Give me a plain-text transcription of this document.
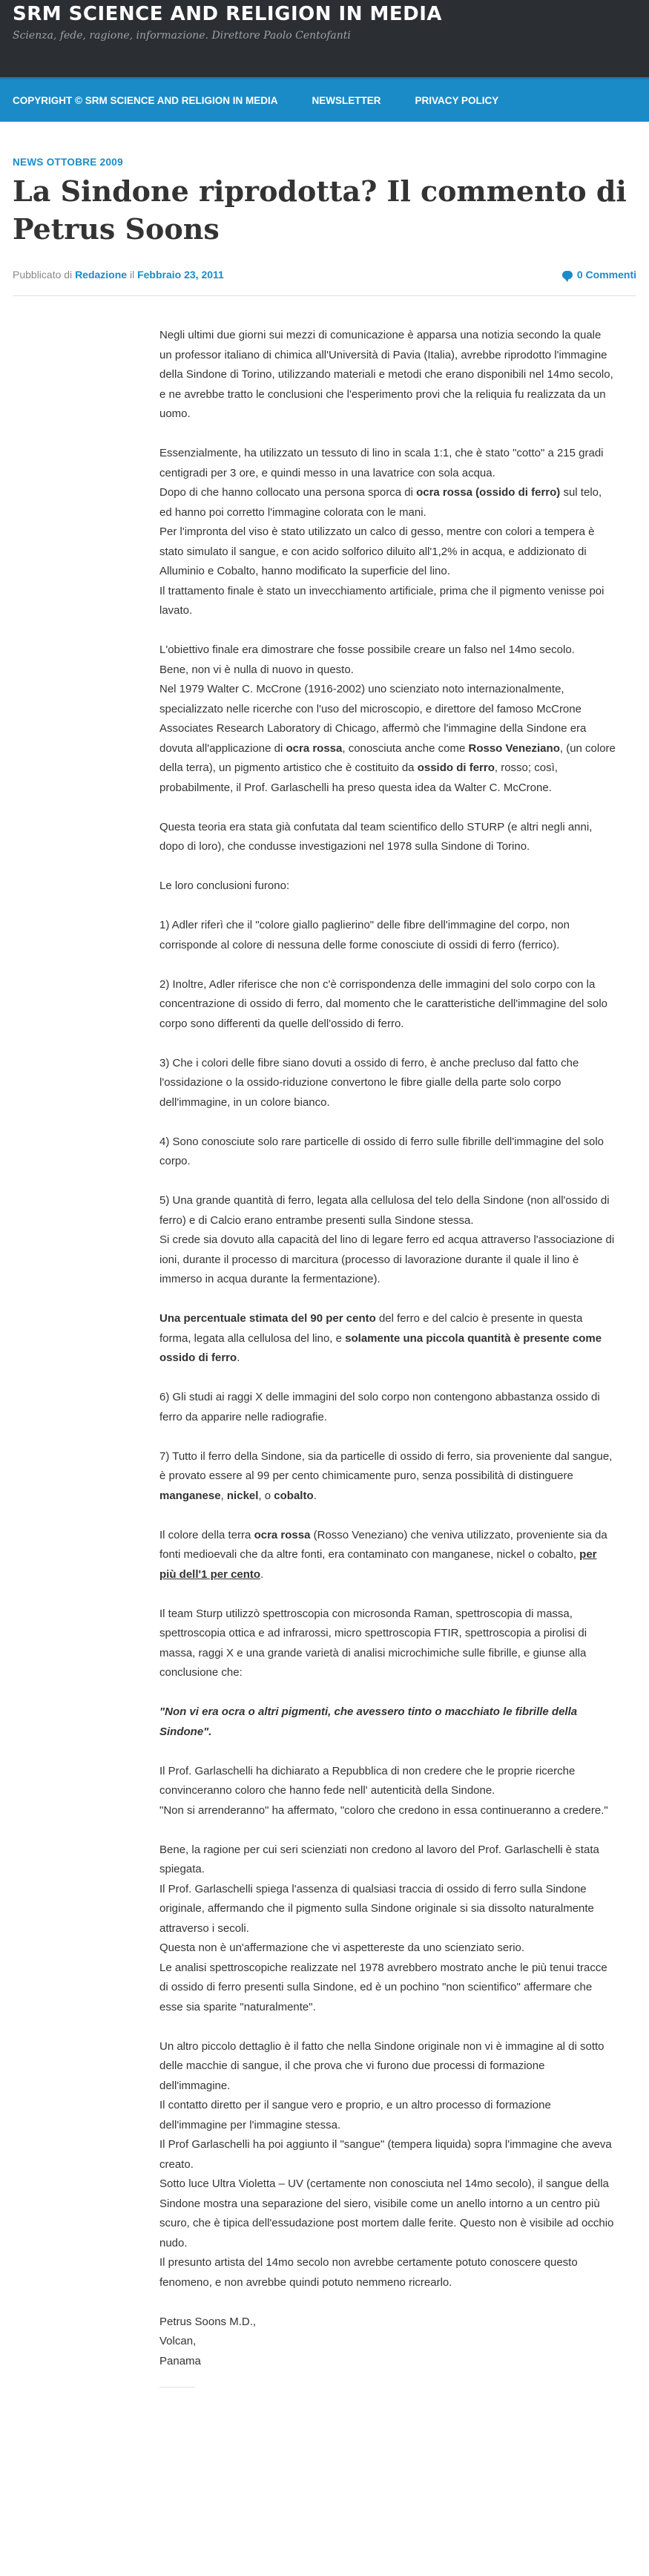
SRM SCIENCE AND RELIGION IN MEDIA
Scienza, fede, ragione, informazione. Direttore Paolo Centofanti
COPYRIGHT © SRM SCIENCE AND RELIGION IN MEDIA	NEWSLETTER	PRIVACY POLICY
NEWS OTTOBRE 2009
La Sindone riprodotta? Il commento di Petrus Soons
Pubblicato di Redazione il Febbraio 23, 2011	0 Commenti

Negli ultimi due giorni sui mezzi di comunicazione è apparsa una notizia secondo la quale un professor italiano di chimica all'Università di Pavia (Italia), avrebbe riprodotto l'immagine della Sindone di Torino, utilizzando materiali e metodi che erano disponibili nel 14mo secolo, e ne avrebbe tratto le conclusioni che l'esperimento provi che la reliquia fu realizzata da un uomo.

Essenzialmente, ha utilizzato un tessuto di lino in scala 1:1, che è stato "cotto" a 215 gradi centigradi per 3 ore, e quindi messo in una lavatrice con sola acqua.
Dopo di che hanno collocato una persona sporca di ocra rossa (ossido di ferro) sul telo, ed hanno poi corretto l'immagine colorata con le mani.
Per l'impronta del viso è stato utilizzato un calco di gesso, mentre con colori a tempera è stato simulato il sangue, e con acido solforico diluito all'1,2% in acqua, e addizionato di Alluminio e Cobalto, hanno modificato la superficie del lino.
Il trattamento finale è stato un invecchiamento artificiale, prima che il pigmento venisse poi lavato.

L'obiettivo finale era dimostrare che fosse possibile creare un falso nel 14mo secolo.
Bene, non vi è nulla di nuovo in questo.
Nel 1979 Walter C. McCrone (1916-2002) uno scienziato noto internazionalmente, specializzato nelle ricerche con l'uso del microscopio, e direttore del famoso McCrone Associates Research Laboratory di Chicago, affermò che l'immagine della Sindone era dovuta all'applicazione di ocra rossa, conosciuta anche come Rosso Veneziano, (un colore della terra), un pigmento artistico che è costituito da ossido di ferro, rosso; così, probabilmente, il Prof. Garlaschelli ha preso questa idea da Walter C. McCrone.

Questa teoria era stata già confutata dal team scientifico dello STURP (e altri negli anni, dopo di loro), che condusse investigazioni nel 1978 sulla Sindone di Torino.

Le loro conclusioni furono:

1) Adler riferì che il "colore giallo paglierino" delle fibre dell'immagine del corpo, non corrisponde al colore di nessuna delle forme conosciute di ossidi di ferro (ferrico).

2) Inoltre, Adler riferisce che non c'è corrispondenza delle immagini del solo corpo con la concentrazione di ossido di ferro, dal momento che le caratteristiche dell'immagine del solo corpo sono differenti da quelle dell'ossido di ferro.

3) Che i colori delle fibre siano dovuti a ossido di ferro, è anche precluso dal fatto che l'ossidazione o la ossido-riduzione convertono le fibre gialle della parte solo corpo dell'immagine, in un colore bianco.

4) Sono conosciute solo rare particelle di ossido di ferro sulle fibrille dell'immagine del solo corpo.

5) Una grande quantità di ferro, legata alla cellulosa del telo della Sindone (non all'ossido di ferro) e di Calcio erano entrambe presenti sulla Sindone stessa.
Si crede sia dovuto alla capacità del lino di legare ferro ed acqua attraverso l'associazione di ioni, durante il processo di marcitura (processo di lavorazione durante il quale il lino è immerso in acqua durante la fermentazione).

Una percentuale stimata del 90 per cento del ferro e del calcio è presente in questa forma, legata alla cellulosa del lino, e solamente una piccola quantità è presente come ossido di ferro.

6) Gli studi ai raggi X delle immagini del solo corpo non contengono abbastanza ossido di ferro da apparire nelle radiografie.

7) Tutto il ferro della Sindone, sia da particelle di ossido di ferro, sia proveniente dal sangue, è provato essere al 99 per cento chimicamente puro, senza possibilità di distinguere manganese, nickel, o cobalto.

Il colore della terra ocra rossa (Rosso Veneziano) che veniva utilizzato, proveniente sia da fonti medioevali che da altre fonti, era contaminato con manganese, nickel o cobalto, per più dell'1 per cento.

Il team Sturp utilizzò spettroscopia con microsonda Raman, spettroscopia di massa, spettroscopia ottica e ad infrarossi, micro spettroscopia FTIR, spettroscopia a pirolisi di massa, raggi X e una grande varietà di analisi microchimiche sulle fibrille, e giunse alla conclusione che:

"Non vi era ocra o altri pigmenti, che avessero tinto o macchiato le fibrille della Sindone".

Il Prof. Garlaschelli ha dichiarato a Repubblica di non credere che le proprie ricerche convinceranno coloro che hanno fede nell' autenticità della Sindone.
"Non si arrenderanno" ha affermato, "coloro che credono in essa continueranno a credere."

Bene, la ragione per cui seri scienziati non credono al lavoro del Prof. Garlaschelli è stata spiegata.
Il Prof. Garlaschelli spiega l'assenza di qualsiasi traccia di ossido di ferro sulla Sindone originale, affermando che il pigmento sulla Sindone originale si sia dissolto naturalmente attraverso i secoli.
Questa non è un'affermazione che vi aspettereste da uno scienziato serio.
Le analisi spettroscopiche realizzate nel 1978 avrebbero mostrato anche le più tenui tracce di ossido di ferro presenti sulla Sindone, ed è un pochino "non scientifico" affermare che esse sia sparite "naturalmente".

Un altro piccolo dettaglio è il fatto che nella Sindone originale non vi è immagine al di sotto delle macchie di sangue, il che prova che vi furono due processi di formazione dell'immagine.
Il contatto diretto per il sangue vero e proprio, e un altro processo di formazione dell'immagine per l'immagine stessa.
Il Prof Garlaschelli ha poi aggiunto il "sangue" (tempera liquida) sopra l'immagine che aveva creato.
Sotto luce Ultra Violetta – UV (certamente non conosciuta nel 14mo secolo), il sangue della Sindone mostra una separazione del siero, visibile come un anello intorno a un centro più scuro, che è tipica dell'essudazione post mortem dalle ferite. Questo non è visibile ad occhio nudo.
Il presunto artista del 14mo secolo non avrebbe certamente potuto conoscere questo fenomeno, e non avrebbe quindi potuto nemmeno ricrearlo.

Petrus Soons M.D.,
Volcan,
Panama
